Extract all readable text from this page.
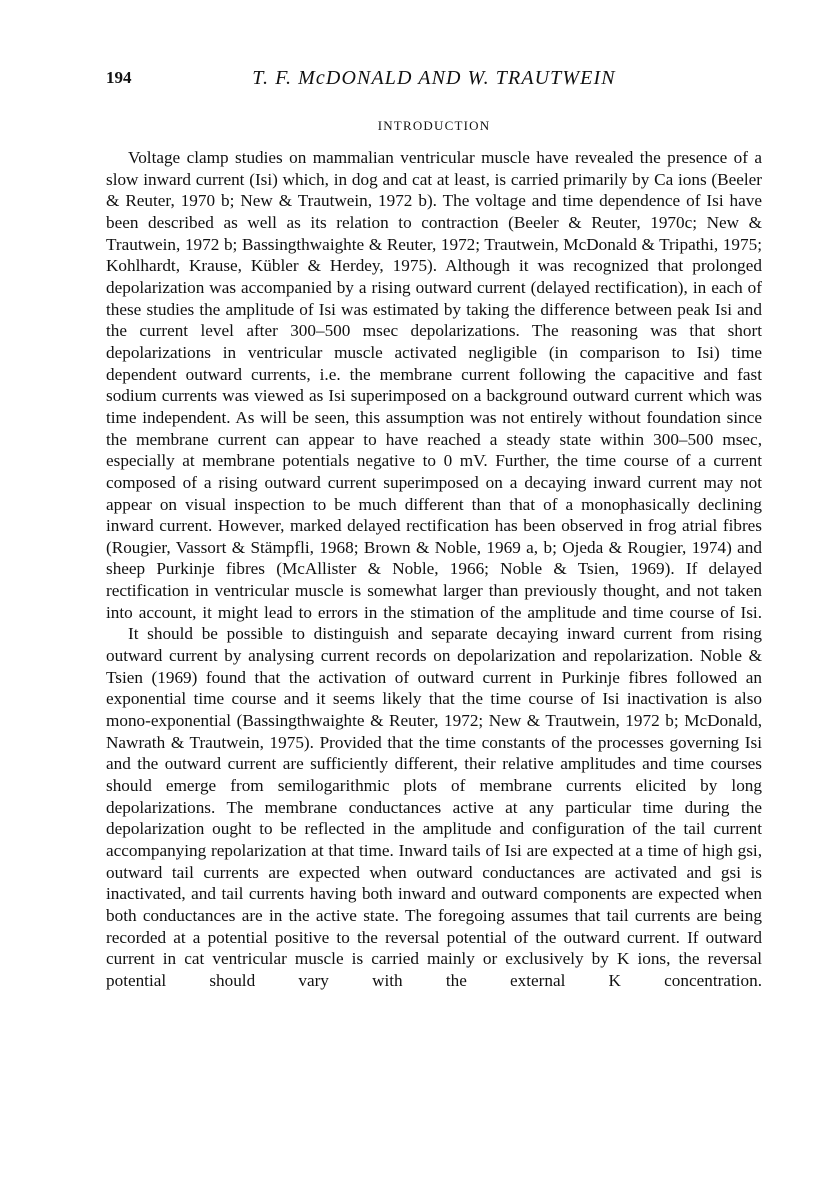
194	T. F. McDONALD AND W. TRAUTWEIN
INTRODUCTION

Voltage clamp studies on mammalian ventricular muscle have revealed the presence of a slow inward current (Isi) which, in dog and cat at least, is carried primarily by Ca ions (Beeler & Reuter, 1970 b; New & Trautwein, 1972 b). The voltage and time dependence of Isi have been described as well as its relation to contraction (Beeler & Reuter, 1970c; New & Trautwein, 1972 b; Bassingthwaighte & Reuter, 1972; Trautwein, McDonald & Tripathi, 1975; Kohlhardt, Krause, Kübler & Herdey, 1975). Although it was recognized that prolonged depolarization was accompanied by a rising outward current (delayed rectification), in each of these studies the amplitude of Isi was estimated by taking the difference between peak Isi and the current level after 300–500 msec depolarizations. The reasoning was that short depolarizations in ventricular muscle activated negligible (in comparison to Isi) time dependent outward currents, i.e. the membrane current following the capacitive and fast sodium currents was viewed as Isi superimposed on a background outward current which was time independent. As will be seen, this assumption was not entirely without foundation since the membrane current can appear to have reached a steady state within 300–500 msec, especially at membrane potentials negative to 0 mV. Further, the time course of a current composed of a rising outward current superimposed on a decaying inward current may not appear on visual inspection to be much different than that of a monophasically declining inward current. However, marked delayed rectification has been observed in frog atrial fibres (Rougier, Vassort & Stämpfli, 1968; Brown & Noble, 1969 a, b; Ojeda & Rougier, 1974) and sheep Purkinje fibres (McAllister & Noble, 1966; Noble & Tsien, 1969). If delayed rectification in ventricular muscle is somewhat larger than previously thought, and not taken into account, it might lead to errors in the stimation of the amplitude and time course of Isi.

It should be possible to distinguish and separate decaying inward current from rising outward current by analysing current records on depolarization and repolarization. Noble & Tsien (1969) found that the activation of outward current in Purkinje fibres followed an exponential time course and it seems likely that the time course of Isi inactivation is also mono-exponential (Bassingthwaighte & Reuter, 1972; New & Trautwein, 1972 b; McDonald, Nawrath & Trautwein, 1975). Provided that the time constants of the processes governing Isi and the outward current are sufficiently different, their relative amplitudes and time courses should emerge from semilogarithmic plots of membrane currents elicited by long depolarizations. The membrane conductances active at any particular time during the depolarization ought to be reflected in the amplitude and configuration of the tail current accompanying repolarization at that time. Inward tails of Isi are expected at a time of high gsi, outward tail currents are expected when outward conductances are activated and gsi is inactivated, and tail currents having both inward and outward components are expected when both conductances are in the active state. The foregoing assumes that tail currents are being recorded at a potential positive to the reversal potential of the outward current. If outward current in cat ventricular muscle is carried mainly or exclusively by K ions, the reversal potential should vary with the external K concentration.
